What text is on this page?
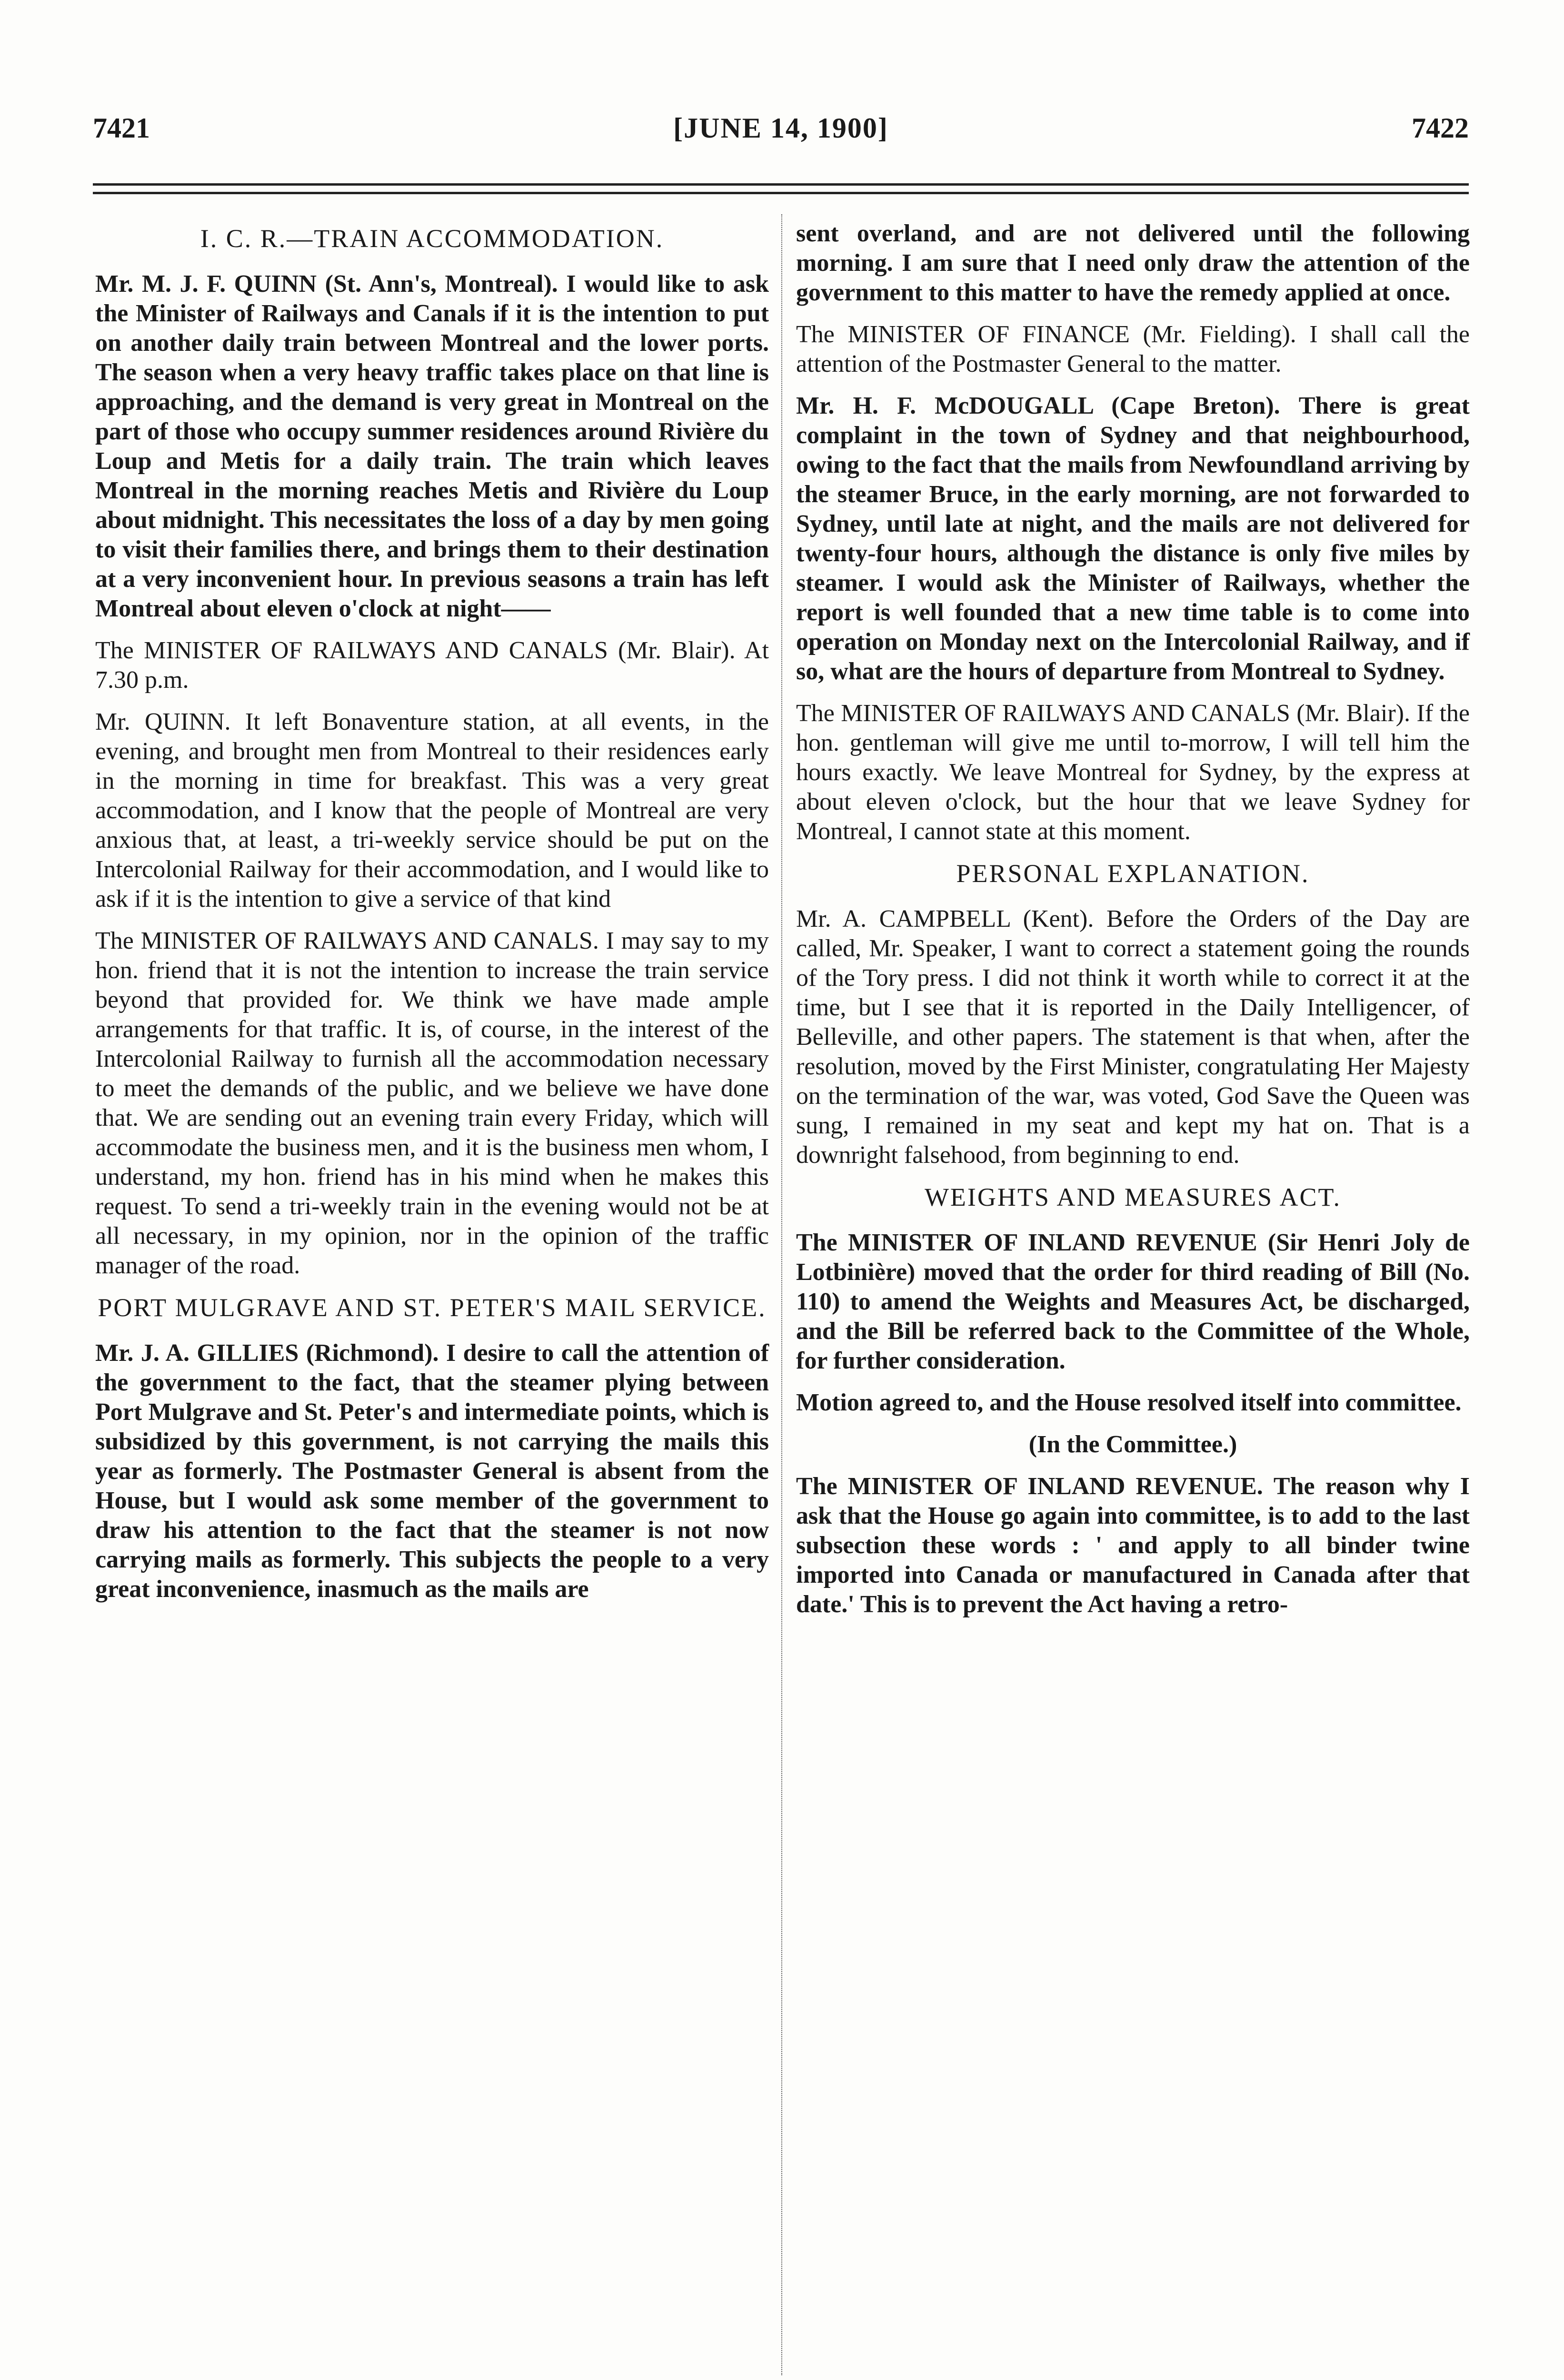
7421	[JUNE 14, 1900]	7422
I. C. R.—TRAIN ACCOMMODATION.

Mr. M. J. F. QUINN (St. Ann's, Montreal). I would like to ask the Minister of Railways and Canals if it is the intention to put on another daily train between Montreal and the lower ports. The season when a very heavy traffic takes place on that line is approaching, and the demand is very great in Montreal on the part of those who occupy summer residences around Rivière du Loup and Metis for a daily train. The train which leaves Montreal in the morning reaches Metis and Rivière du Loup about midnight. This necessitates the loss of a day by men going to visit their families there, and brings them to their destination at a very inconvenient hour. In previous seasons a train has left Montreal about eleven o'clock at night——

The MINISTER OF RAILWAYS AND CANALS (Mr. Blair). At 7.30 p.m.

Mr. QUINN. It left Bonaventure station, at all events, in the evening, and brought men from Montreal to their residences early in the morning in time for breakfast. This was a very great accommodation, and I know that the people of Montreal are very anxious that, at least, a tri-weekly service should be put on the Intercolonial Railway for their accommodation, and I would like to ask if it is the intention to give a service of that kind

The MINISTER OF RAILWAYS AND CANALS. I may say to my hon. friend that it is not the intention to increase the train service beyond that provided for. We think we have made ample arrangements for that traffic. It is, of course, in the interest of the Intercolonial Railway to furnish all the accommodation necessary to meet the demands of the public, and we believe we have done that. We are sending out an evening train every Friday, which will accommodate the business men, and it is the business men whom, I understand, my hon. friend has in his mind when he makes this request. To send a tri-weekly train in the evening would not be at all necessary, in my opinion, nor in the opinion of the traffic manager of the road.

PORT MULGRAVE AND ST. PETER'S MAIL SERVICE.

Mr. J. A. GILLIES (Richmond). I desire to call the attention of the government to the fact, that the steamer plying between Port Mulgrave and St. Peter's and intermediate points, which is subsidized by this government, is not carrying the mails this year as formerly. The Postmaster General is absent from the House, but I would ask some member of the government to draw his attention to the fact that the steamer is not now carrying mails as formerly. This subjects the people to a very great inconvenience, inasmuch as the mails are

sent overland, and are not delivered until the following morning. I am sure that I need only draw the attention of the government to this matter to have the remedy applied at once.

The MINISTER OF FINANCE (Mr. Fielding). I shall call the attention of the Postmaster General to the matter.

Mr. H. F. McDOUGALL (Cape Breton). There is great complaint in the town of Sydney and that neighbourhood, owing to the fact that the mails from Newfoundland arriving by the steamer Bruce, in the early morning, are not forwarded to Sydney, until late at night, and the mails are not delivered for twenty-four hours, although the distance is only five miles by steamer. I would ask the Minister of Railways, whether the report is well founded that a new time table is to come into operation on Monday next on the Intercolonial Railway, and if so, what are the hours of departure from Montreal to Sydney.

The MINISTER OF RAILWAYS AND CANALS (Mr. Blair). If the hon. gentleman will give me until to-morrow, I will tell him the hours exactly. We leave Montreal for Sydney, by the express at about eleven o'clock, but the hour that we leave Sydney for Montreal, I cannot state at this moment.

PERSONAL EXPLANATION.

Mr. A. CAMPBELL (Kent). Before the Orders of the Day are called, Mr. Speaker, I want to correct a statement going the rounds of the Tory press. I did not think it worth while to correct it at the time, but I see that it is reported in the Daily Intelligencer, of Belleville, and other papers. The statement is that when, after the resolution, moved by the First Minister, congratulating Her Majesty on the termination of the war, was voted, God Save the Queen was sung, I remained in my seat and kept my hat on. That is a downright falsehood, from beginning to end.

WEIGHTS AND MEASURES ACT.

The MINISTER OF INLAND REVENUE (Sir Henri Joly de Lotbinière) moved that the order for third reading of Bill (No. 110) to amend the Weights and Measures Act, be discharged, and the Bill be referred back to the Committee of the Whole, for further consideration.

Motion agreed to, and the House resolved itself into committee.

(In the Committee.)

The MINISTER OF INLAND REVENUE. The reason why I ask that the House go again into committee, is to add to the last subsection these words : ' and apply to all binder twine imported into Canada or manufactured in Canada after that date.' This is to prevent the Act having a retro-
